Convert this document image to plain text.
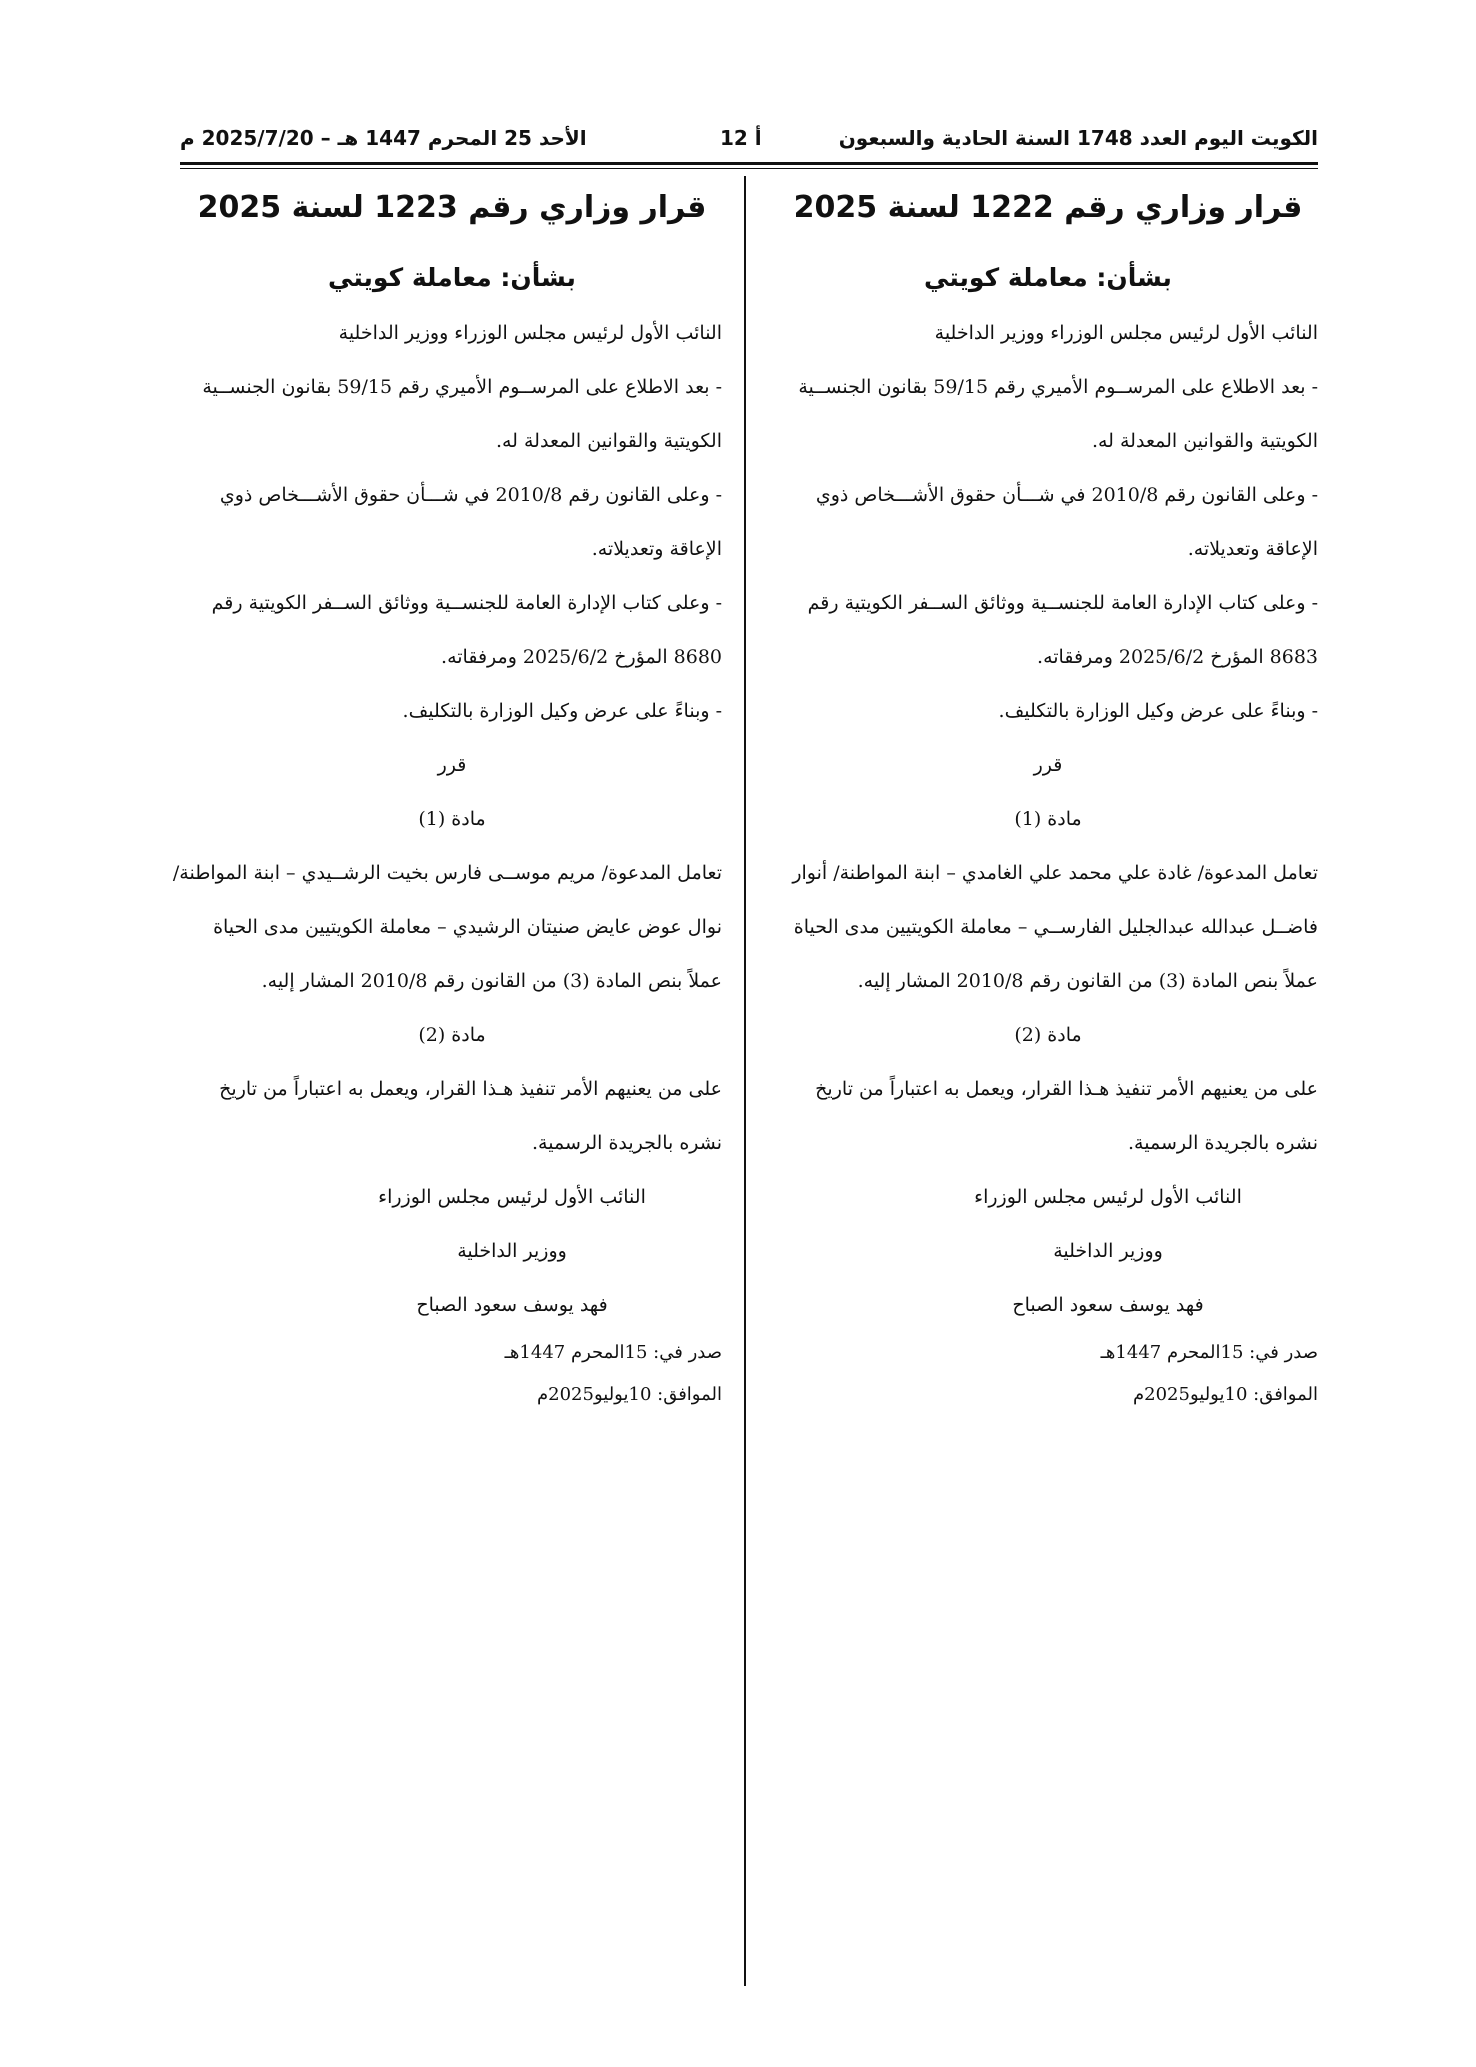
الكويت اليوم العدد 1748 السنة الحادية والسبعون
أ 12
الأحد 25 المحرم 1447 هـ – 2025/7/20 م
قرار وزاري رقم 1222 لسنة 2025
بشأن: معاملة كويتي
النائب الأول لرئيس مجلس الوزراء ووزير الداخلية
- بعد الاطلاع على المرســوم الأميري رقم 59/15 بقانون الجنســية
الكويتية والقوانين المعدلة له.
- وعلى القانون رقم 2010/8 في شـــأن حقوق الأشـــخاص ذوي
الإعاقة وتعديلاته.
- وعلى كتاب الإدارة العامة للجنســية ووثائق الســفر الكويتية رقم
8683 المؤرخ 2025/6/2 ومرفقاته.
- وبناءً على عرض وكيل الوزارة بالتكليف.
قرر
مادة (1)
تعامل المدعوة/ غادة علي محمد علي الغامدي – ابنة المواطنة/ أنوار
فاضــل عبدالله عبدالجليل الفارســي – معاملة الكويتيين مدى الحياة
عملاً بنص المادة (3) من القانون رقم 2010/8 المشار إليه.
مادة (2)
على من يعنيهم الأمر تنفيذ هـذا القرار، ويعمل به اعتباراً من تاريخ
نشره بالجريدة الرسمية.
النائب الأول لرئيس مجلس الوزراء
ووزير الداخلية
فهد يوسف سعود الصباح
صدر في: 15المحرم 1447هـ
الموافق: 10يوليو2025م
قرار وزاري رقم 1223 لسنة 2025
بشأن: معاملة كويتي
النائب الأول لرئيس مجلس الوزراء ووزير الداخلية
- بعد الاطلاع على المرســوم الأميري رقم 59/15 بقانون الجنســية
الكويتية والقوانين المعدلة له.
- وعلى القانون رقم 2010/8 في شـــأن حقوق الأشـــخاص ذوي
الإعاقة وتعديلاته.
- وعلى كتاب الإدارة العامة للجنســية ووثائق الســفر الكويتية رقم
8680 المؤرخ 2025/6/2 ومرفقاته.
- وبناءً على عرض وكيل الوزارة بالتكليف.
قرر
مادة (1)
تعامل المدعوة/ مريم موســى فارس بخيت الرشــيدي – ابنة المواطنة/
نوال عوض عايض صنيتان الرشيدي – معاملة الكويتيين مدى الحياة
عملاً بنص المادة (3) من القانون رقم 2010/8 المشار إليه.
مادة (2)
على من يعنيهم الأمر تنفيذ هـذا القرار، ويعمل به اعتباراً من تاريخ
نشره بالجريدة الرسمية.
النائب الأول لرئيس مجلس الوزراء
ووزير الداخلية
فهد يوسف سعود الصباح
صدر في: 15المحرم 1447هـ
الموافق: 10يوليو2025م
